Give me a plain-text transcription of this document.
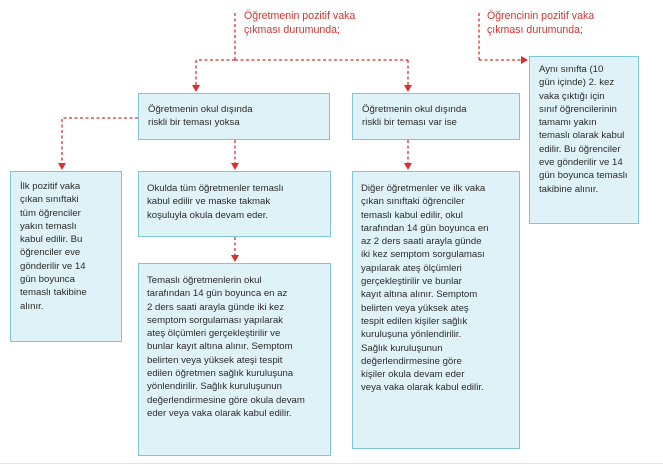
Öğretmenin pozitif vaka
çıkması durumunda;
Öğrencinin pozitif vaka
çıkması durumunda;
Aynı sınıfta (10
gün içinde) 2. kez
vaka çıktığı için
sınıf öğrencilerinin
tamamı yakın
temaslı olarak kabul
edilir. Bu öğrenciler
eve gönderilir ve 14
gün boyunca temaslı
takibine alınır.
Öğretmenin okul dışında
riskli bir teması yoksa
Öğretmenin okul dışında
riskli bir teması var ise
İlk pozitif vaka
çıkan sınıftaki
tüm öğrenciler
yakın temaslı
kabul edilir. Bu
öğrenciler eve
gönderilir ve 14
gün boyunca
temaslı takibine
alınır.
Okulda tüm öğretmenler temaslı
kabul edilir ve maske takmak
koşuluyla okula devam eder.
Temaslı öğretmenlerin okul
tarafından 14 gün boyunca en az
2 ders saati arayla günde iki kez
semptom sorgulaması yapılarak
ateş ölçümleri gerçekleştirilir ve
bunlar kayıt altına alınır. Semptom
belirten veya yüksek ateşi tespit
edilen öğretmen sağlık kuruluşuna
yönlendirilir. Sağlık kuruluşunun
değerlendirmesine göre okula devam
eder veya vaka olarak kabul edilir.
Diğer öğretmenler ve ilk vaka
çıkan sınıftaki öğrenciler
temaslı kabul edilir, okul
tarafından 14 gün boyunca en
az 2 ders saati arayla günde
iki kez semptom sorgulaması
yapılarak ateş ölçümleri
gerçekleştirilir ve bunlar
kayıt altına alınır. Semptom
belirten veya yüksek ateş
tespit edilen kişiler sağlık
kuruluşuna yönlendirilir.
Sağlık kuruluşunun
değerlendirmesine göre
kişiler okula devam eder
veya vaka olarak kabul edilir.
